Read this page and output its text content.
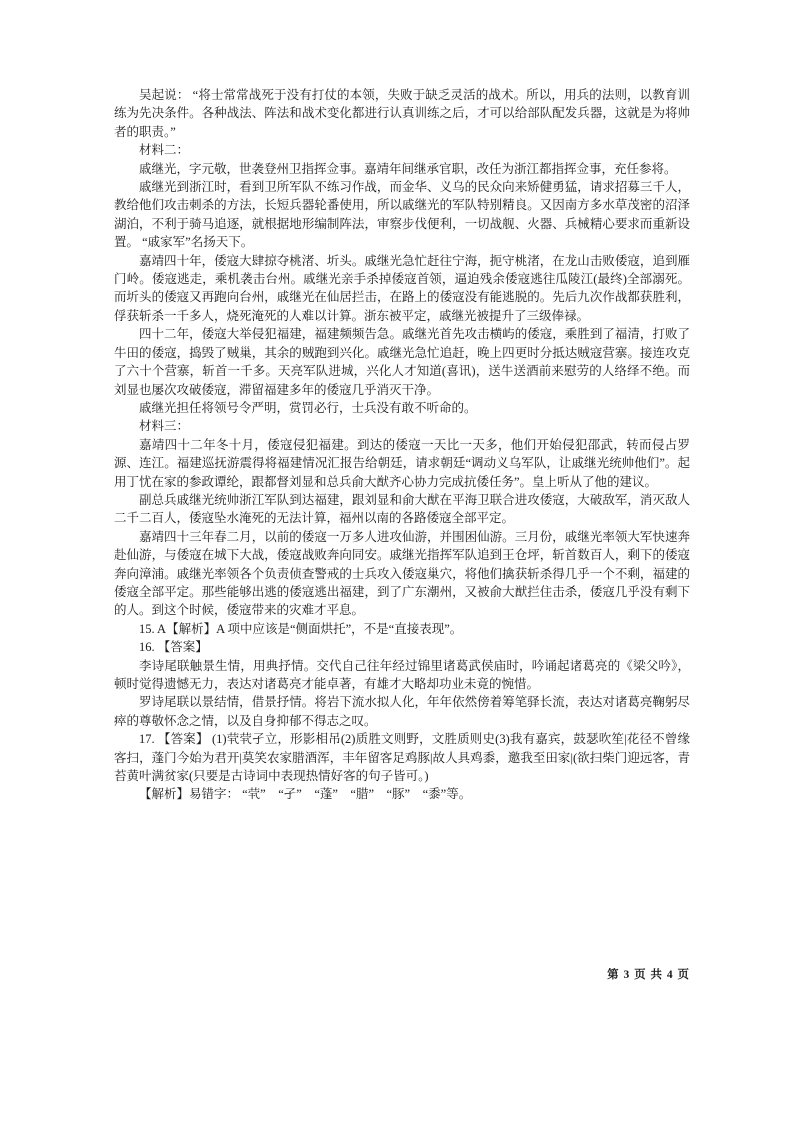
吴起说： “将士常常战死于没有打仗的本领，失败于缺乏灵活的战术。所以，用兵的法则，以教育训练为先决条件。各种战法、阵法和战术变化都进行认真训练之后，才可以给部队配发兵器，这就是为将帅者的职责。”

材料二：

戚继光，字元敬，世袭登州卫指挥佥事。嘉靖年间继承官职，改任为浙江都指挥佥事，充任参将。

戚继光到浙江时，看到卫所军队不练习作战，而金华、义乌的民众向来矫健勇猛，请求招募三千人，教给他们攻击刺杀的方法，长短兵器轮番使用，所以戚继光的军队特别精良。又因南方多水草茂密的沼泽湖泊，不利于骑马追逐，就根据地形编制阵法，审察步伐便利，一切战舰、火器、兵械精心要求而重新设置。 “戚家军”名扬天下。

嘉靖四十年，倭寇大肆掠夺桃渚、圻头。戚继光急忙赶往宁海，扼守桃渚，在龙山击败倭寇，追到雁门岭。倭寇逃走，乘机袭击台州。戚继光亲手杀掉倭寇首领，逼迫残余倭寇逃往瓜陵江(最终)全部溺死。而圻头的倭寇又再跑向台州，戚继光在仙居拦击，在路上的倭寇没有能逃脱的。先后九次作战都获胜利，俘获斩杀一千多人，烧死淹死的人难以计算。浙东被平定，戚继光被提升了三级俸禄。

四十二年，倭寇大举侵犯福建，福建频频告急。戚继光首先攻击横屿的倭寇，乘胜到了福清，打败了牛田的倭寇，捣毁了贼巢，其余的贼跑到兴化。戚继光急忙追赶，晚上四更时分抵达贼寇营寨。接连攻克了六十个营寨，斩首一千多。天亮军队进城，兴化人才知道(喜讯)，送牛送酒前来慰劳的人络绎不绝。而刘显也屡次攻破倭寇，滞留福建多年的倭寇几乎消灭干净。

戚继光担任将领号令严明，赏罚必行，士兵没有敢不听命的。

材料三：

嘉靖四十二年冬十月，倭寇侵犯福建。到达的倭寇一天比一天多，他们开始侵犯邵武，转而侵占罗源、连江。福建巡抚游震得将福建情况汇报告给朝廷，请求朝廷“调动义乌军队，让戚继光统帅他们”。起用丁忧在家的参政谭纶，跟都督刘显和总兵俞大猷齐心协力完成抗倭任务”。皇上听从了他的建议。

副总兵戚继光统帅浙江军队到达福建，跟刘显和俞大猷在平海卫联合进攻倭寇，大破敌军，消灭敌人二千二百人，倭寇坠水淹死的无法计算，福州以南的各路倭寇全部平定。

嘉靖四十三年春二月，以前的倭寇一万多人进攻仙游，并围困仙游。三月份，戚继光率领大军快速奔赴仙游，与倭寇在城下大战，倭寇战败奔向同安。戚继光指挥军队追到王仓坪，斩首数百人，剩下的倭寇奔向漳浦。戚继光率领各个负责侦查警戒的士兵攻入倭寇巢穴，将他们擒获斩杀得几乎一个不剩，福建的倭寇全部平定。那些能够出逃的倭寇逃出福建，到了广东潮州，又被俞大猷拦住击杀，倭寇几乎没有剩下的人。到这个时候，倭寇带来的灾难才平息。

15. A【解析】A 项中应该是“侧面烘托”，不是“直接表现”。

16. 【答案】

李诗尾联触景生情，用典抒情。交代自己往年经过锦里诸葛武侯庙时，吟诵起诸葛亮的《梁父吟》，顿时觉得遗憾无力，表达对诸葛亮才能卓著，有雄才大略却功业未竟的惋惜。

罗诗尾联以景结情，借景抒情。将岩下流水拟人化，年年依然傍着筹笔驿长流，表达对诸葛亮鞠躬尽瘁的尊敬怀念之情，以及自身抑郁不得志之叹。

17. 【答案】 (1)茕茕孑立，形影相吊(2)质胜文则野，文胜质则史(3)我有嘉宾，鼓瑟吹笙|花径不曾缘客扫，蓬门今始为君开|莫笑农家腊酒浑，丰年留客足鸡豚|故人具鸡黍，邀我至田家|(欲扫柴门迎远客，青苔黄叶满贫家(只要是古诗词中表现热情好客的句子皆可。)

【解析】易错字： “茕”　“孑”　“蓬”　“腊”　“豚”　“黍”等。

第 3 页 共 4 页
